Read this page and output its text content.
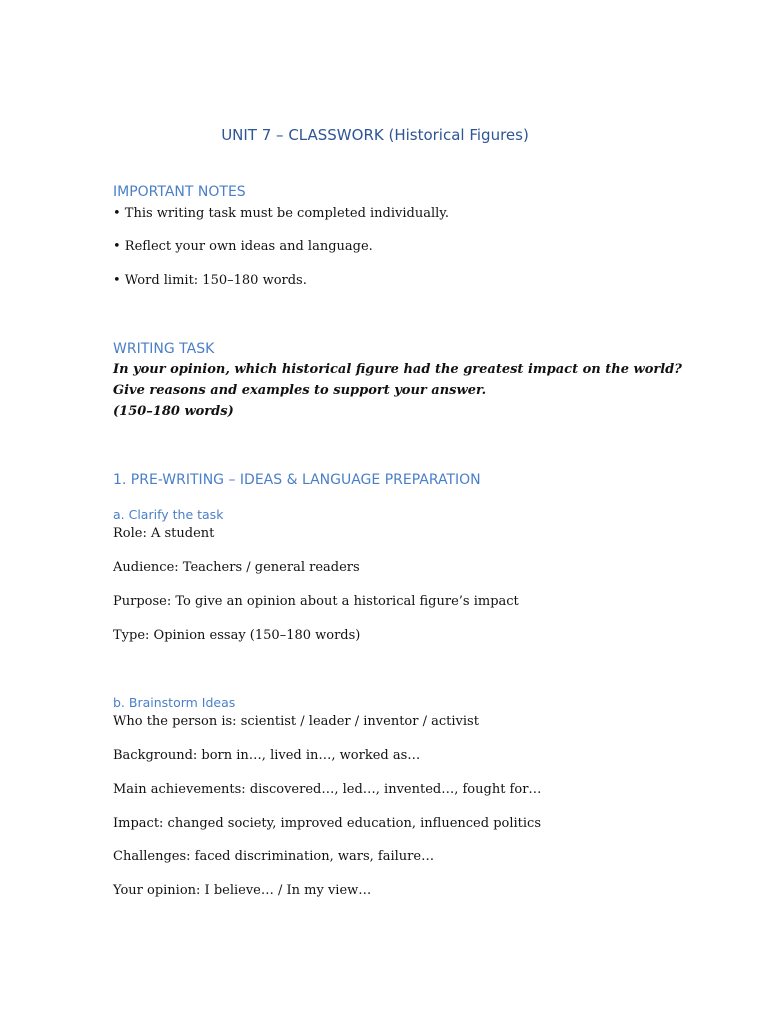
UNIT 7 – CLASSWORK (Historical Figures)
IMPORTANT NOTES
• This writing task must be completed individually.
• Reflect your own ideas and language.
• Word limit: 150–180 words.
WRITING TASK
In your opinion, which historical figure had the greatest impact on the world?
Give reasons and examples to support your answer.
(150–180 words)
1. PRE-WRITING – IDEAS & LANGUAGE PREPARATION
a. Clarify the task
Role: A student
Audience: Teachers / general readers
Purpose: To give an opinion about a historical figure’s impact
Type: Opinion essay (150–180 words)
b. Brainstorm Ideas
Who the person is: scientist / leader / inventor / activist
Background: born in…, lived in…, worked as…
Main achievements: discovered…, led…, invented…, fought for…
Impact: changed society, improved education, influenced politics
Challenges: faced discrimination, wars, failure…
Your opinion: I believe… / In my view…
